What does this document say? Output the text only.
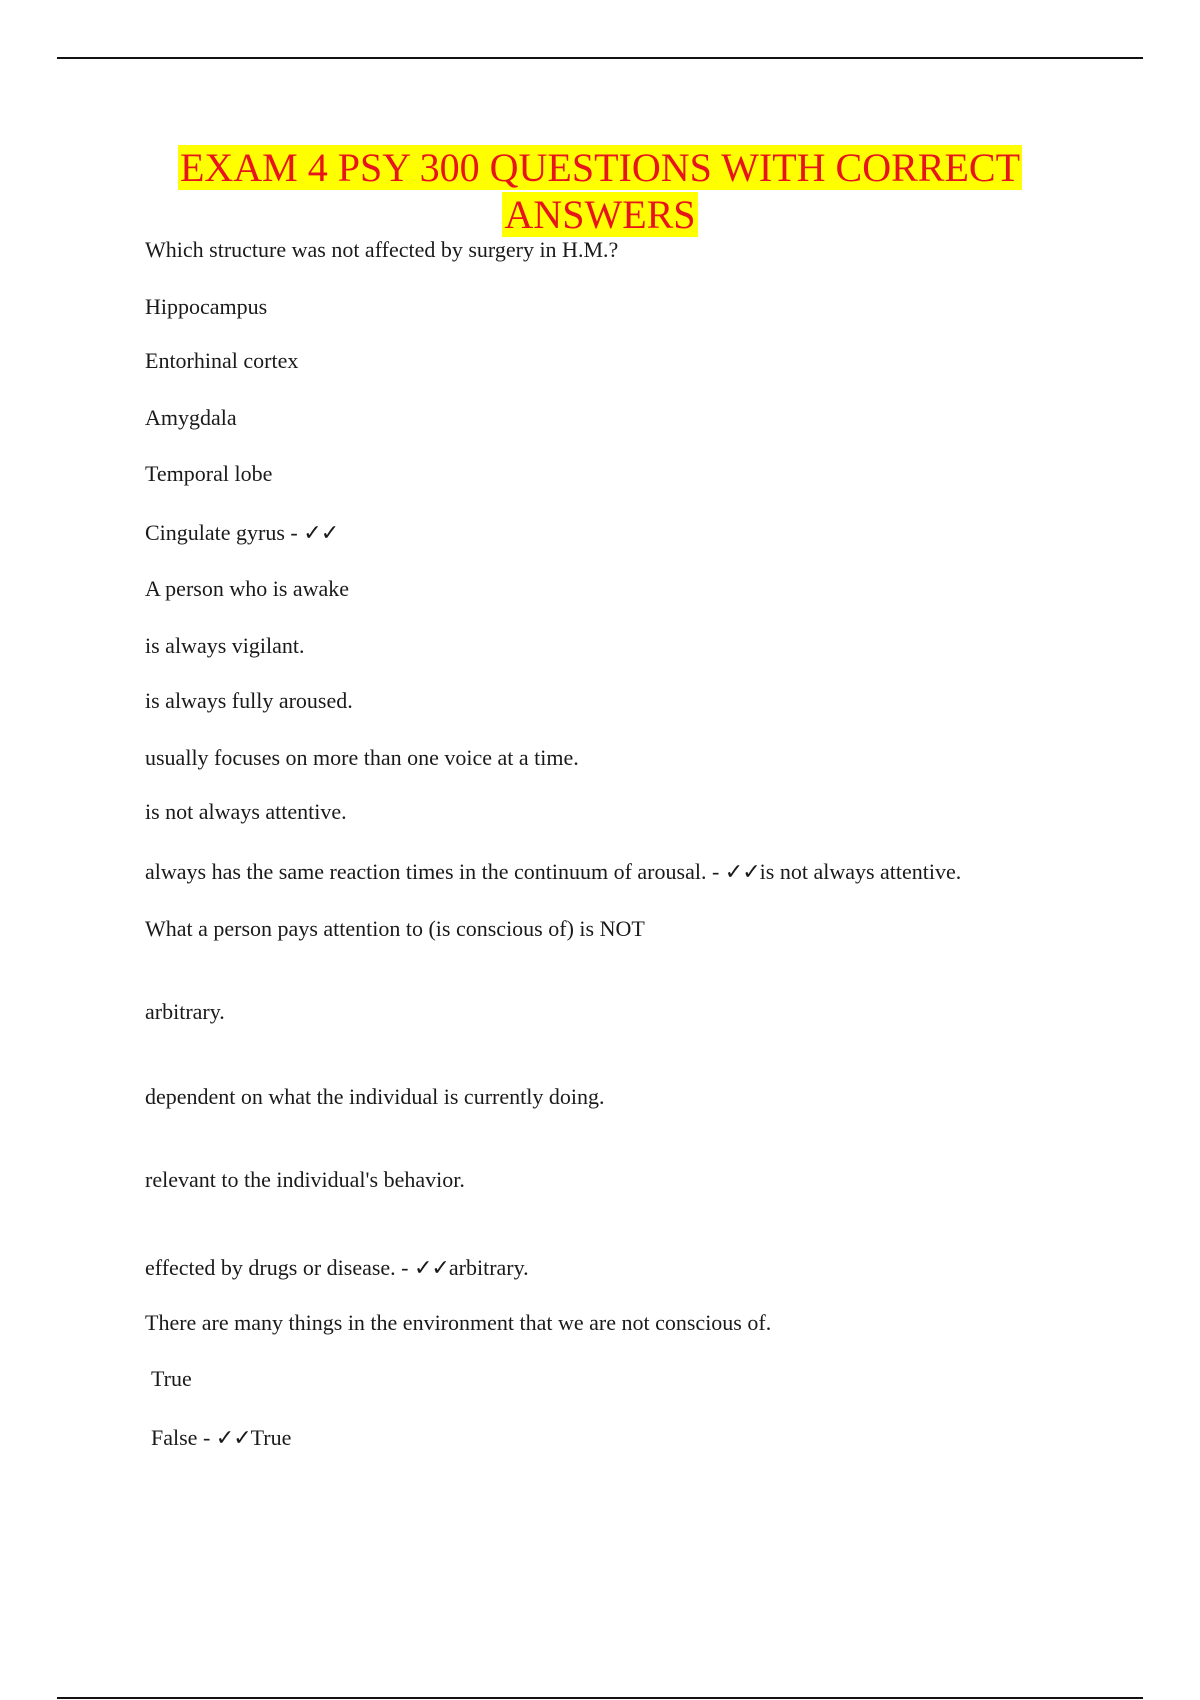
EXAM 4 PSY 300 QUESTIONS WITH CORRECT
ANSWERS

Which structure was not affected by surgery in H.M.?

Hippocampus

Entorhinal cortex

Amygdala

Temporal lobe

Cingulate gyrus - ✓✓

A person who is awake

is always vigilant.

is always fully aroused.

usually focuses on more than one voice at a time.

is not always attentive.

always has the same reaction times in the continuum of arousal. - ✓✓is not always attentive.

What a person pays attention to (is conscious of) is NOT

arbitrary.

dependent on what the individual is currently doing.

relevant to the individual's behavior.

effected by drugs or disease. - ✓✓arbitrary.

There are many things in the environment that we are not conscious of.

True

False - ✓✓True
